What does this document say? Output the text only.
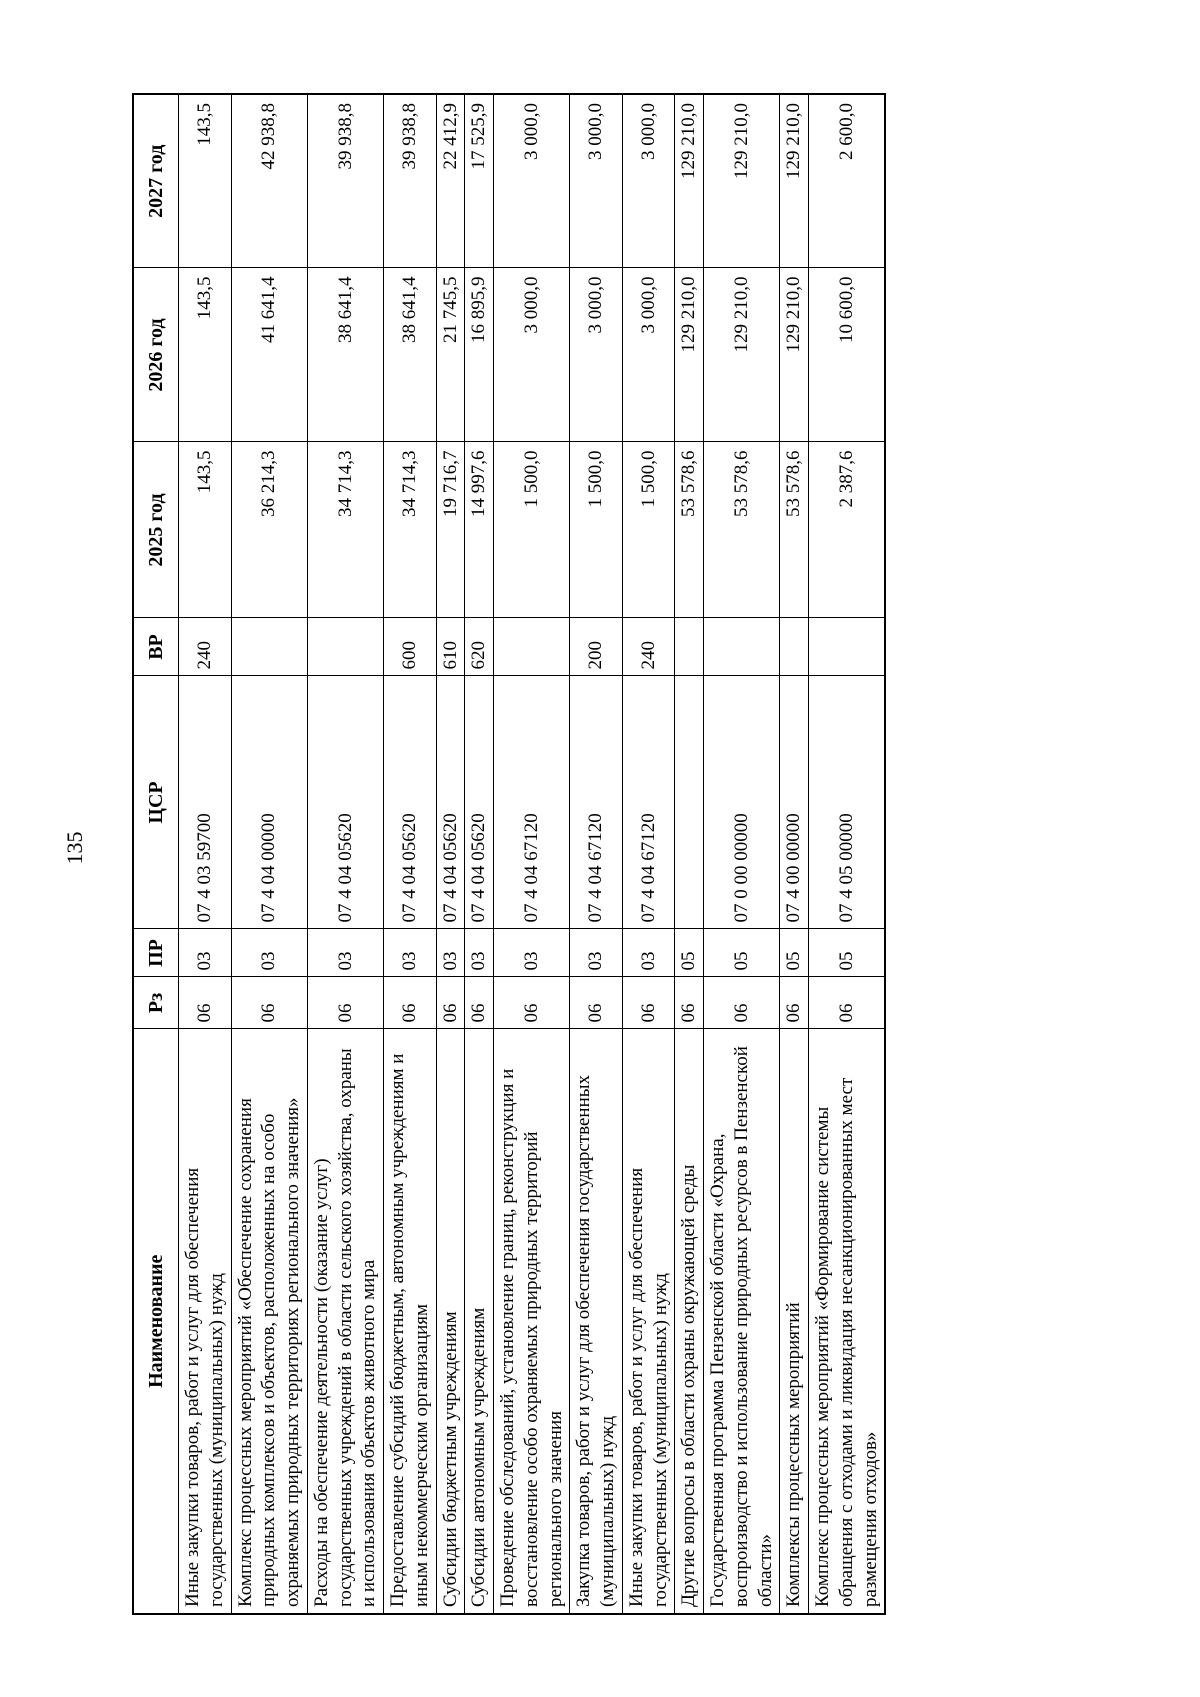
135
Наименование	Рз	ПР	ЦСР	ВР	2025 год	2026 год	2027 год
Иные закупки товаров, работ и услуг для обеспечения государственных (муниципальных) нужд	06	03	07 4 03 59700	240	143,5	143,5	143,5
Комплекс процессных мероприятий «Обеспечение сохранения природных комплексов и объектов, расположенных на особо охраняемых природных территориях регионального значения»	06	03	07 4 04 00000		36 214,3	41 641,4	42 938,8
Расходы на обеспечение деятельности (оказание услуг) государственных учреждений в области сельского хозяйства, охраны и использования объектов животного мира	06	03	07 4 04 05620		34 714,3	38 641,4	39 938,8
Предоставление субсидий бюджетным, автономным учреждениям и иным некоммерческим организациям	06	03	07 4 04 05620	600	34 714,3	38 641,4	39 938,8
Субсидии бюджетным учреждениям	06	03	07 4 04 05620	610	19 716,7	21 745,5	22 412,9
Субсидии автономным учреждениям	06	03	07 4 04 05620	620	14 997,6	16 895,9	17 525,9
Проведение обследований, установление границ, реконструкция и восстановление особо охраняемых природных территорий регионального значения	06	03	07 4 04 67120		1 500,0	3 000,0	3 000,0
Закупка товаров, работ и услуг для обеспечения государственных (муниципальных) нужд	06	03	07 4 04 67120	200	1 500,0	3 000,0	3 000,0
Иные закупки товаров, работ и услуг для обеспечения государственных (муниципальных) нужд	06	03	07 4 04 67120	240	1 500,0	3 000,0	3 000,0
Другие вопросы в области охраны окружающей среды	06	05			53 578,6	129 210,0	129 210,0
Государственная программа Пензенской области «Охрана, воспроизводство и использование природных ресурсов в Пензенской области»	06	05	07 0 00 00000		53 578,6	129 210,0	129 210,0
Комплексы процессных мероприятий	06	05	07 4 00 00000		53 578,6	129 210,0	129 210,0
Комплекс процессных мероприятий «Формирование системы обращения с отходами и ликвидация несанкционированных мест размещения отходов»	06	05	07 4 05 00000		2 387,6	10 600,0	2 600,0
